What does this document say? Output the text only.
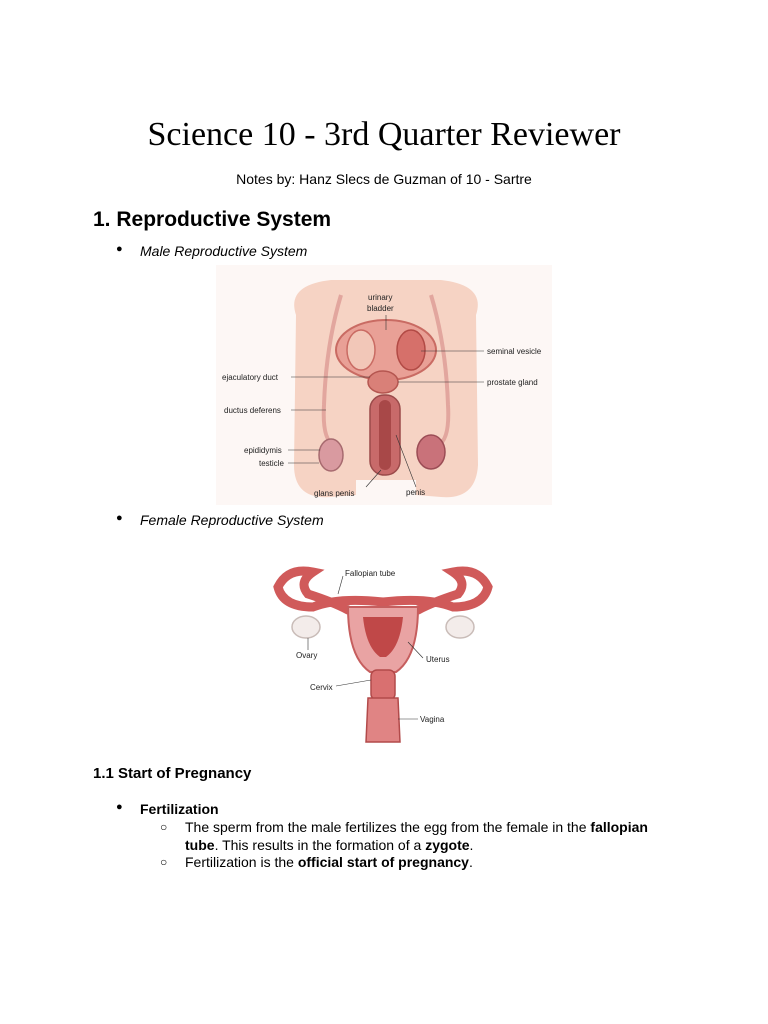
Science 10 - 3rd Quarter Reviewer
Notes by: Hanz Slecs de Guzman of 10 - Sartre
1. Reproductive System
● Male Reproductive System
urinary
bladder
seminal vesicle
ejaculatory duct
prostate gland
ductus deferens
epididymis
testicle
glans penis	penis
● Female Reproductive System
Fallopian tube
Ovary	Uterus
Cervix
Vagina
1.1 Start of Pregnancy
● Fertilization
○ The sperm from the male fertilizes the egg from the female in the fallopian tube. This results in the formation of a zygote.
○ Fertilization is the official start of pregnancy.
